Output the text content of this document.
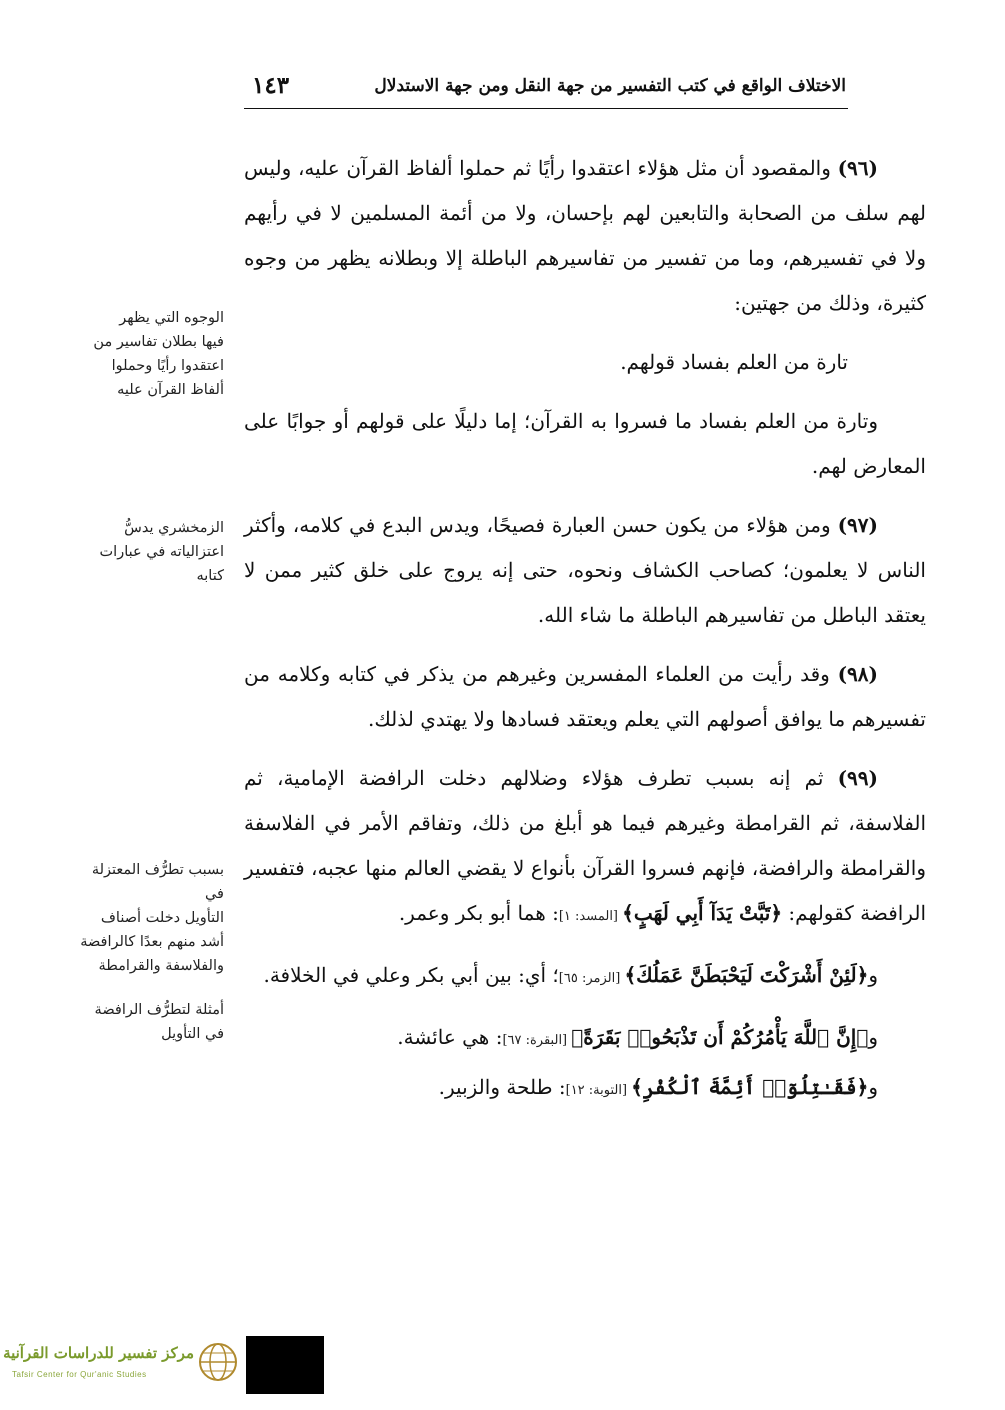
الاختلاف الواقع في كتب التفسير من جهة النقل ومن جهة الاستدلال
١٤٣

(٩٦) والمقصود أن مثل هؤلاء اعتقدوا رأيًا ثم حملوا ألفاظ القرآن عليه، وليس لهم سلف من الصحابة والتابعين لهم بإحسان، ولا من أئمة المسلمين لا في رأيهم ولا في تفسيرهم، وما من تفسير من تفاسيرهم الباطلة إلا وبطلانه يظهر من وجوه كثيرة، وذلك من جهتين:

تارة من العلم بفساد قولهم.

وتارة من العلم بفساد ما فسروا به القرآن؛ إما دليلًا على قولهم أو جوابًا على المعارض لهم.

(٩٧) ومن هؤلاء من يكون حسن العبارة فصيحًا، ويدس البدع في كلامه، وأكثر الناس لا يعلمون؛ كصاحب الكشاف ونحوه، حتى إنه يروج على خلق كثير ممن لا يعتقد الباطل من تفاسيرهم الباطلة ما شاء الله.

(٩٨) وقد رأيت من العلماء المفسرين وغيرهم من يذكر في كتابه وكلامه من تفسيرهم ما يوافق أصولهم التي يعلم ويعتقد فسادها ولا يهتدي لذلك.

(٩٩) ثم إنه بسبب تطرف هؤلاء وضلالهم دخلت الرافضة الإمامية، ثم الفلاسفة، ثم القرامطة وغيرهم فيما هو أبلغ من ذلك، وتفاقم الأمر في الفلاسفة والقرامطة والرافضة، فإنهم فسروا القرآن بأنواع لا يقضي العالم منها عجبه، فتفسير الرافضة كقولهم: ﴿تَبَّتْ يَدَآ أَبِي لَهَبٍ﴾ [المسد: ١]: هما أبو بكر وعمر.

و﴿لَئِنْ أَشْرَكْتَ لَيَحْبَطَنَّ عَمَلُكَ﴾ [الزمر: ٦٥]؛ أي: بين أبي بكر وعلي في الخلافة.

و﴿إِنَّ ٱللَّهَ يَأْمُرُكُمْ أَن تَذْبَحُوا۟ بَقَرَةً﴾ [البقرة: ٦٧]: هي عائشة.

و﴿فَقَـٰتِلُوٓا۟ أَئِمَّةَ ٱلْكُفْرِ﴾ [التوبة: ١٢]: طلحة والزبير.

الوجوه التي يظهر
فيها بطلان تفاسير من
اعتقدوا رأيًا وحملوا
ألفاظ القرآن عليه
الزمخشري يدسُّ
اعتزالياته في عبارات
كتابه
بسبب تطرُّف المعتزلة في
التأويل دخلت أصناف
أشد منهم بعدًا كالرافضة
والفلاسفة والقرامطة
أمثلة لتطرُّف الرافضة
في التأويل
مركز تفسير للدراسات القرآنية
Tafsir Center for Qur'anic Studies
